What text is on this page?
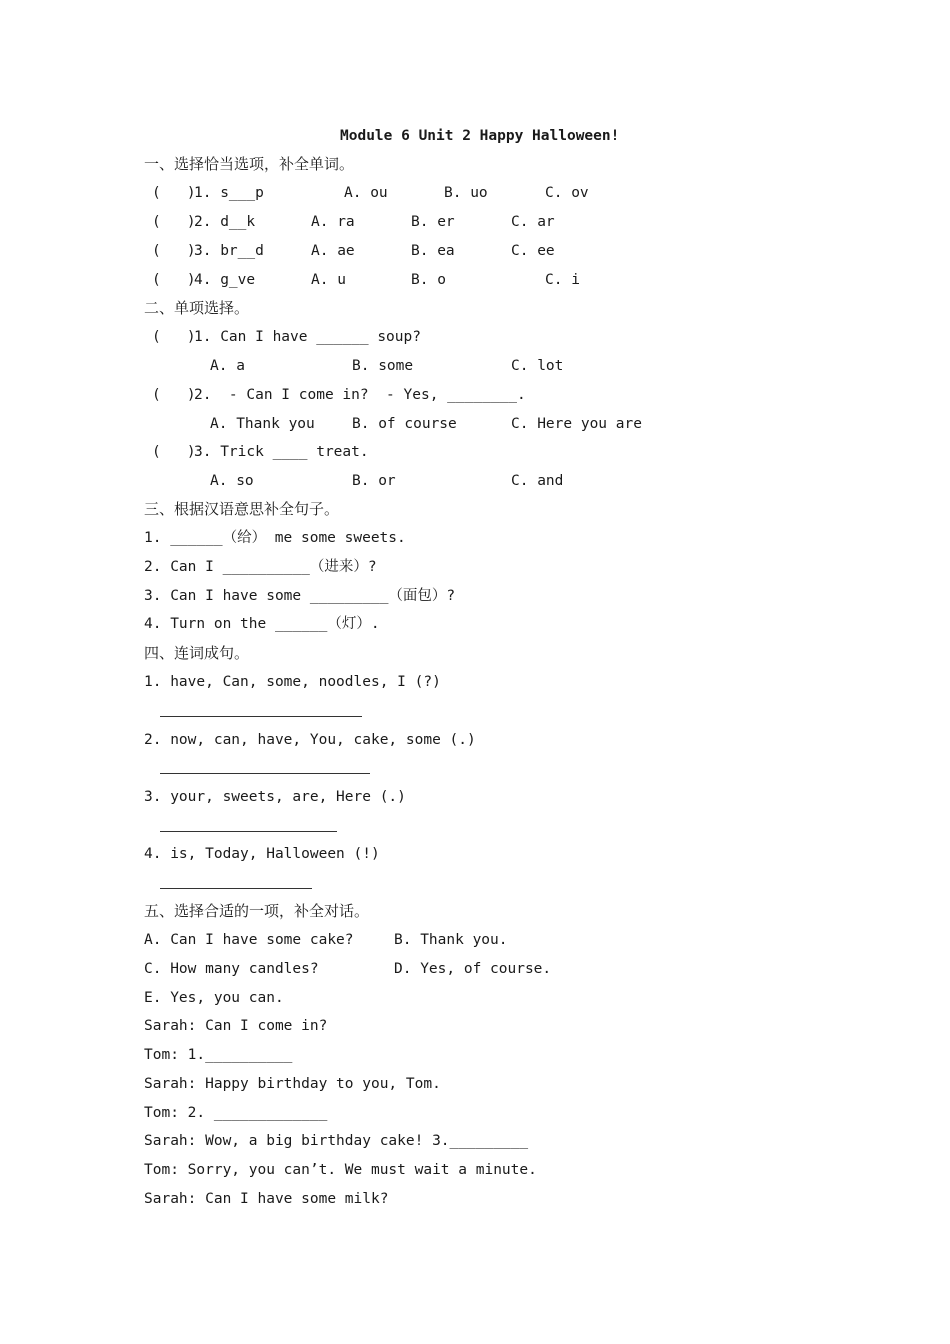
Module 6 Unit 2 Happy Halloween!
一、选择恰当选项，补全单词。
(   )
1. s___p	A. ou	B. uo	C. ov
(   )
2. d__k	A. ra	B. er	C. ar
(   )
3. br__d	A. ae	B. ea	C. ee
(   )
4. g_ve	A. u	B. o	C. i
二、单项选择。
(   )
1. Can I have ______ soup?
A. a	B. some	C. lot
(   )
2.  - Can I come in?  - Yes, ________.
A. Thank you	B. of course	C. Here you are
(   )
3. Trick ____ treat.
A. so	B. or	C. and
三、根据汉语意思补全句子。
1. ______（给） me some sweets.
2. Can I __________（进来）?
3. Can I have some _________（面包）?
4. Turn on the ______（灯）.
四、连词成句。
1. have, Can, some, noodles, I (?)
2. now, can, have, You, cake, some (.)
3. your, sweets, are, Here (.)
4. is, Today, Halloween (!)
五、选择合适的一项，补全对话。
A. Can I have some cake?	B. Thank you.
C. How many candles?	D. Yes, of course.
E. Yes, you can.
Sarah: Can I come in?
Tom: 1.__________
Sarah: Happy birthday to you, Tom.
Tom: 2. _____________
Sarah: Wow, a big birthday cake! 3._________
Tom: Sorry, you can’t. We must wait a minute.
Sarah: Can I have some milk?
